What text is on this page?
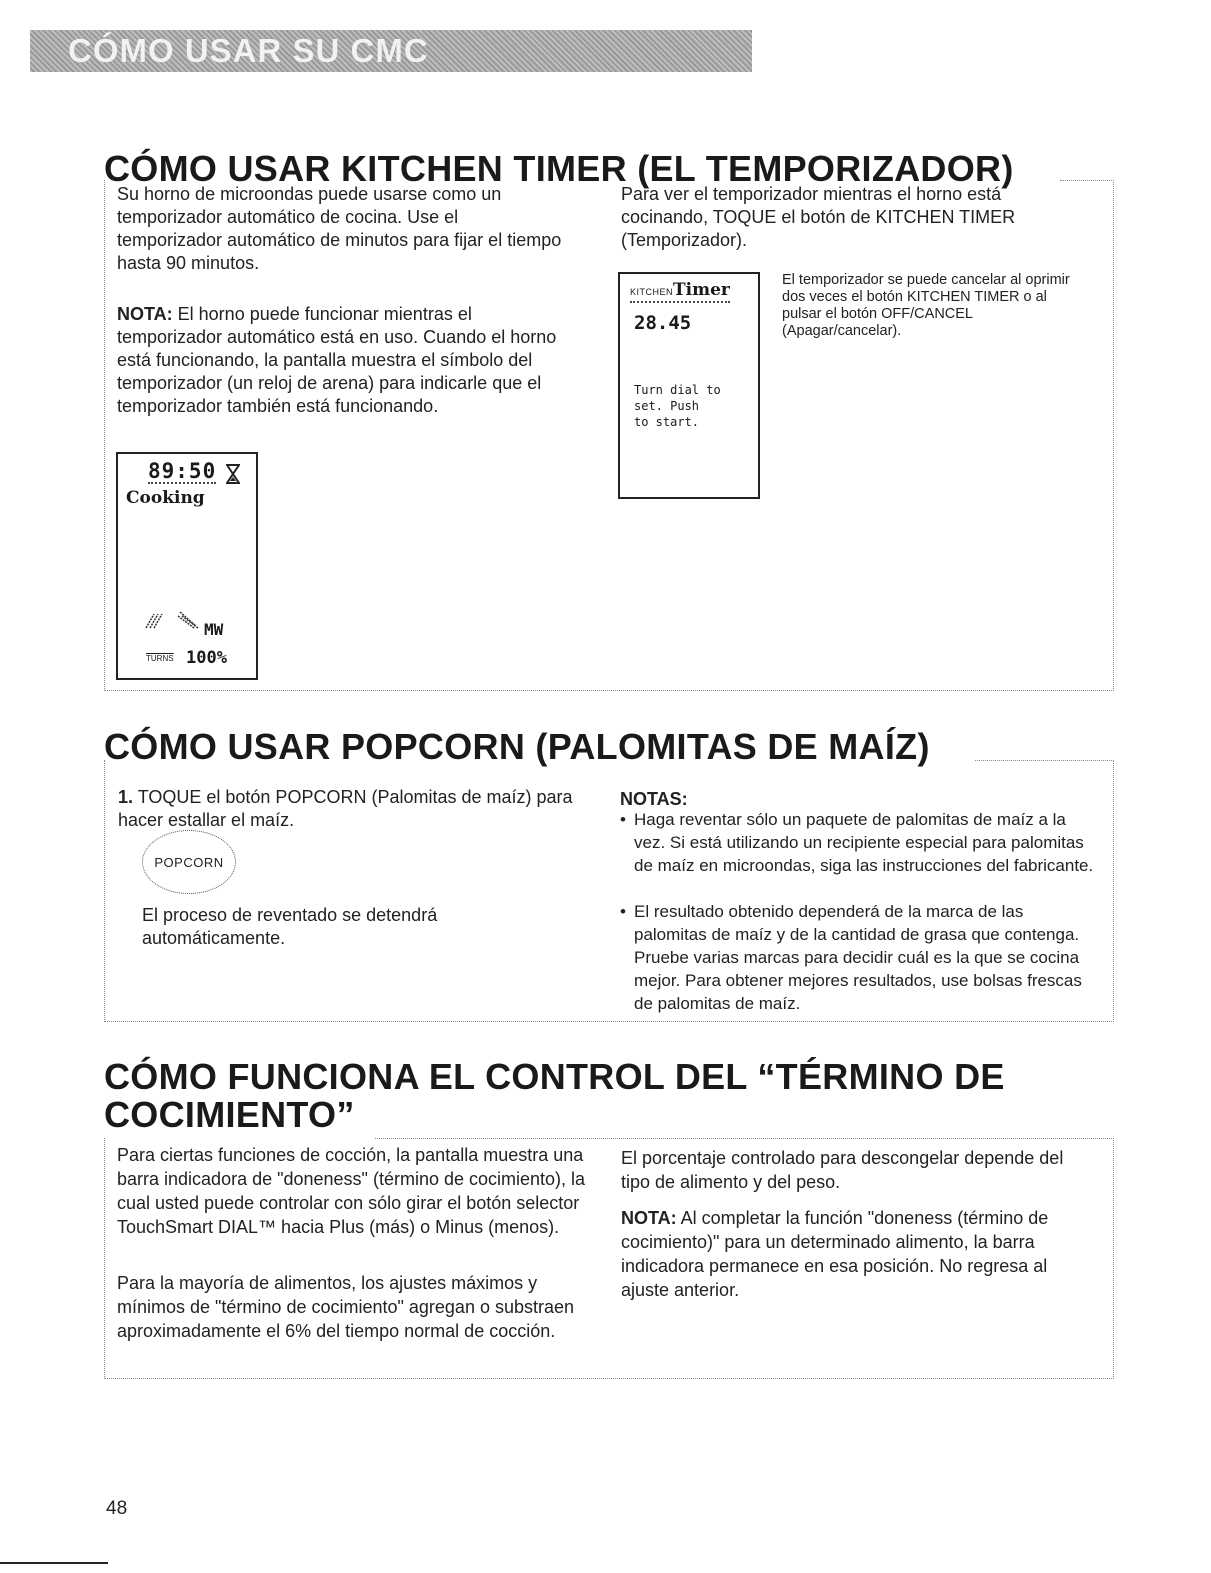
CÓMO USAR SU CMC
CÓMO USAR KITCHEN TIMER (EL TEMPORIZADOR)

Su horno de microondas puede usarse como un temporizador automático de cocina. Use el temporizador automático de minutos para fijar el tiempo hasta 90 minutos.

NOTA: El horno puede funcionar mientras el temporizador automático está en uso. Cuando el horno está funcionando, la pantalla muestra el símbolo del temporizador (un reloj de arena) para indicarle que el temporizador también está funcionando.

89:50
Cooking
MW
TURNS 100%

Para ver el temporizador mientras el horno está cocinando, TOQUE el botón de KITCHEN TIMER (Temporizador).

KITCHENTimer
28.45
Turn dial to
set. Push
to start.

El temporizador se puede cancelar al oprimir dos veces el botón KITCHEN TIMER o al pulsar el botón OFF/CANCEL (Apagar/cancelar).

CÓMO USAR POPCORN (PALOMITAS DE MAÍZ)

1. TOQUE el botón POPCORN (Palomitas de maíz) para hacer estallar el maíz.

POPCORN

El proceso de reventado se detendrá automáticamente.

NOTAS:

• Haga reventar sólo un paquete de palomitas de maíz a la vez. Si está utilizando un recipiente especial para palomitas de maíz en microondas, siga las instrucciones del fabricante.

• El resultado obtenido dependerá de la marca de las palomitas de maíz y de la cantidad de grasa que contenga. Pruebe varias marcas para decidir cuál es la que se cocina mejor. Para obtener mejores resultados, use bolsas frescas de palomitas de maíz.

CÓMO FUNCIONA EL CONTROL DEL “TÉRMINO DE
COCIMIENTO”

Para ciertas funciones de cocción, la pantalla muestra una barra indicadora de "doneness" (término de cocimiento), la cual usted puede controlar con sólo girar el botón selector TouchSmart DIAL™ hacia Plus (más) o Minus (menos).

Para la mayoría de alimentos, los ajustes máximos y mínimos de "término de cocimiento" agregan o substraen aproximadamente el 6% del tiempo normal de cocción.

El porcentaje controlado para descongelar depende del tipo de alimento y del peso.

NOTA: Al completar la función "doneness (término de cocimiento)" para un determinado alimento, la barra indicadora permanece en esa posición. No regresa al ajuste anterior.

48
